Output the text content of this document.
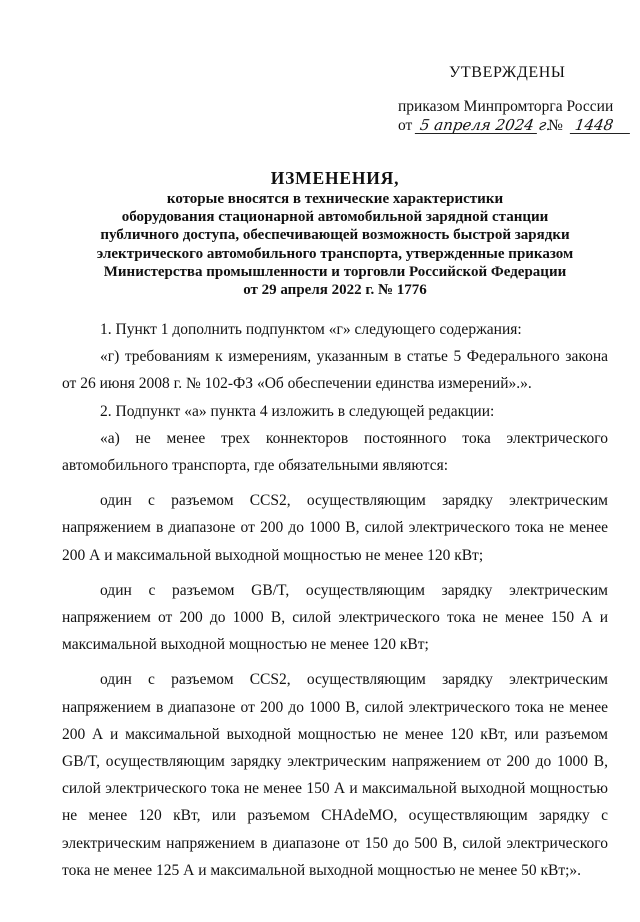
УТВЕРЖДЕНЫ
приказом Минпромторга России
от 5 апреля 2024 г. № 1448
ИЗМЕНЕНИЯ,
которые вносятся в технические характеристики
оборудования стационарной автомобильной зарядной станции
публичного доступа, обеспечивающей возможность быстрой зарядки
электрического автомобильного транспорта, утвержденные приказом
Министерства промышленности и торговли Российской Федерации
от 29 апреля 2022 г. № 1776

1. Пункт 1 дополнить подпунктом «г» следующего содержания:

«г) требованиям к измерениям, указанным в статье 5 Федерального закона от 26 июня 2008 г. № 102-ФЗ «Об обеспечении единства измерений».».

2. Подпункт «а» пункта 4 изложить в следующей редакции:

«а) не менее трех коннекторов постоянного тока электрического автомобильного транспорта, где обязательными являются:

один с разъемом CCS2, осуществляющим зарядку электрическим напряжением в диапазоне от 200 до 1000 В, силой электрического тока не менее 200 А и максимальной выходной мощностью не менее 120 кВт;

один с разъемом GB/T, осуществляющим зарядку электрическим напряжением от 200 до 1000 В, силой электрического тока не менее 150 А и максимальной выходной мощностью не менее 120 кВт;

один с разъемом CCS2, осуществляющим зарядку электрическим напряжением в диапазоне от 200 до 1000 В, силой электрического тока не менее 200 А и максимальной выходной мощностью не менее 120 кВт, или разъемом GB/T, осуществляющим зарядку электрическим напряжением от 200 до 1000 В, силой электрического тока не менее 150 А и максимальной выходной мощностью не менее 120 кВт, или разъемом CHAdeMO, осуществляющим зарядку с электрическим напряжением в диапазоне от 150 до 500 В, силой электрического тока не менее 125 А и максимальной выходной мощностью не менее 50 кВт;».
